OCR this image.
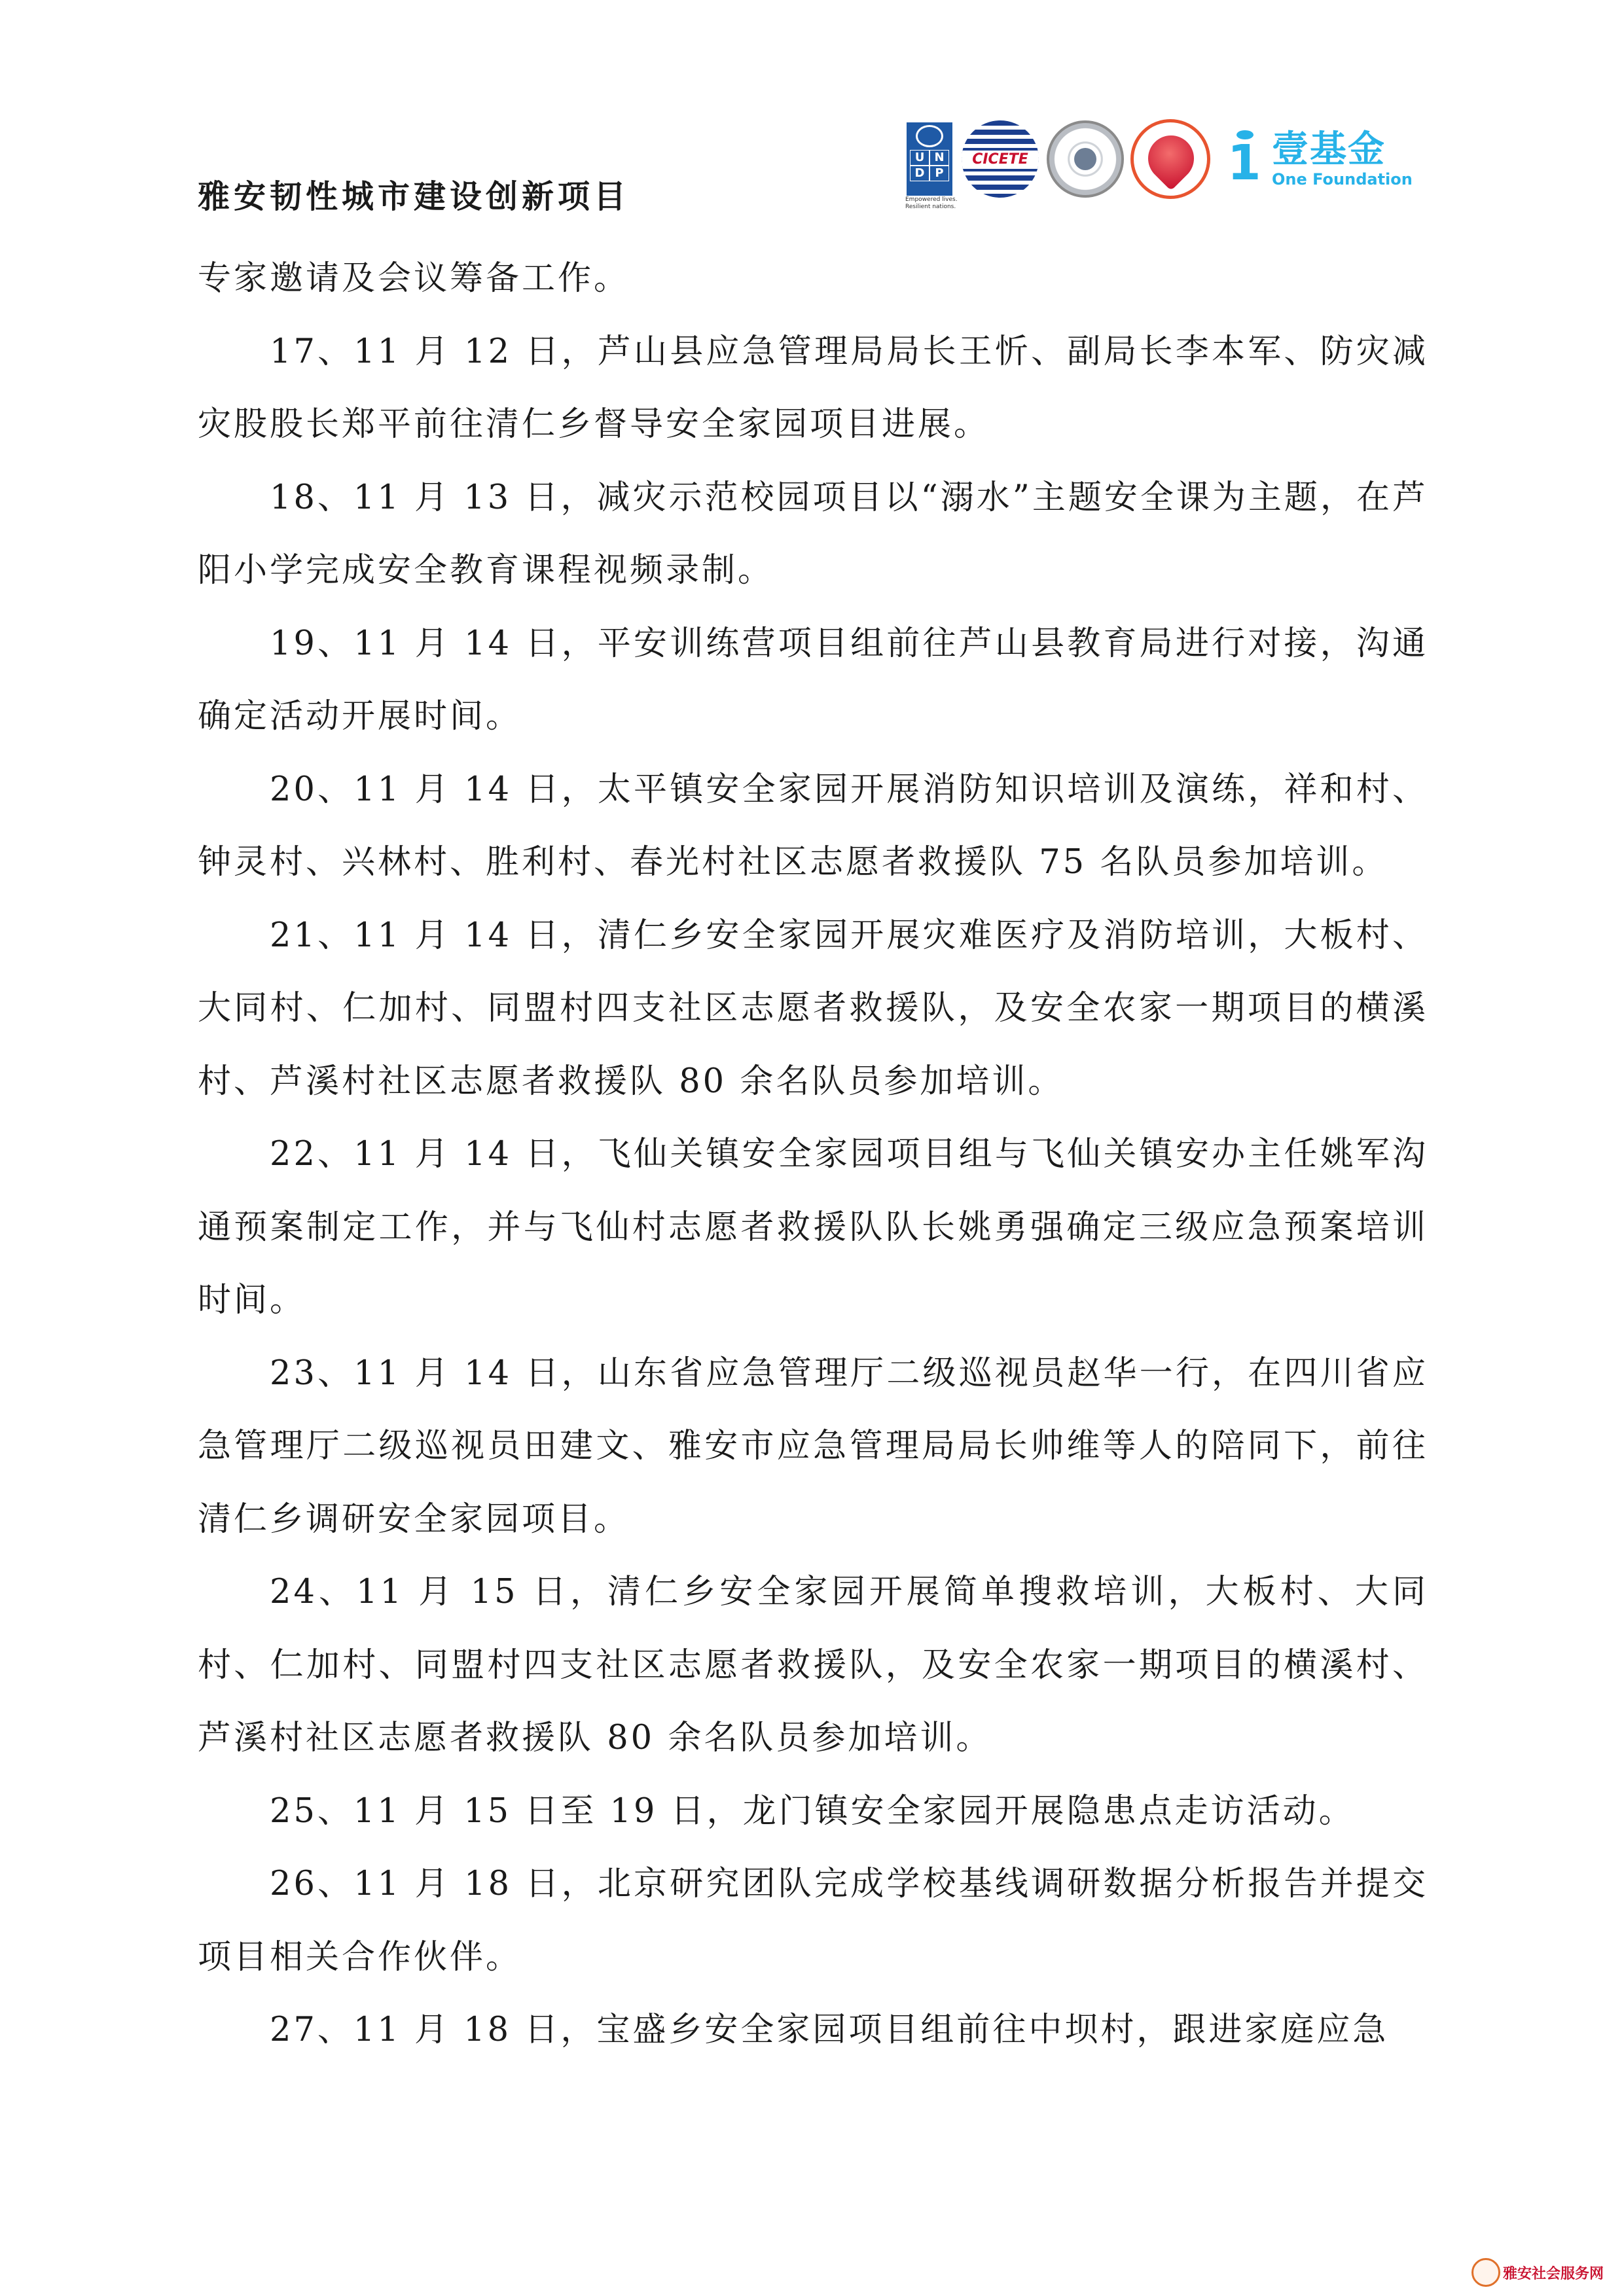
雅安韧性城市建设创新项目
U N
D P
CICETE	1 壹基金
One Foundation
Empowered lives. Resilient nations.

专家邀请及会议筹备工作。

17、11 月 12 日，芦山县应急管理局局长王忻、副局长李本军、防灾减灾股股长郑平前往清仁乡督导安全家园项目进展。

18、11 月 13 日，减灾示范校园项目以“溺水”主题安全课为主题，在芦阳小学完成安全教育课程视频录制。

19、11 月 14 日，平安训练营项目组前往芦山县教育局进行对接，沟通确定活动开展时间。

20、11 月 14 日，太平镇安全家园开展消防知识培训及演练，祥和村、钟灵村、兴林村、胜利村、春光村社区志愿者救援队 75 名队员参加培训。

21、11 月 14 日，清仁乡安全家园开展灾难医疗及消防培训，大板村、大同村、仁加村、同盟村四支社区志愿者救援队，及安全农家一期项目的横溪村、芦溪村社区志愿者救援队 80 余名队员参加培训。

22、11 月 14 日，飞仙关镇安全家园项目组与飞仙关镇安办主任姚军沟通预案制定工作，并与飞仙村志愿者救援队队长姚勇强确定三级应急预案培训时间。

23、11 月 14 日，山东省应急管理厅二级巡视员赵华一行，在四川省应急管理厅二级巡视员田建文、雅安市应急管理局局长帅维等人的陪同下，前往清仁乡调研安全家园项目。

24、11 月 15 日，清仁乡安全家园开展简单搜救培训，大板村、大同村、仁加村、同盟村四支社区志愿者救援队，及安全农家一期项目的横溪村、芦溪村社区志愿者救援队 80 余名队员参加培训。

25、11 月 15 日至 19 日，龙门镇安全家园开展隐患点走访活动。

26、11 月 18 日，北京研究团队完成学校基线调研数据分析报告并提交项目相关合作伙伴。

27、11 月 18 日，宝盛乡安全家园项目组前往中坝村，跟进家庭应急

雅安社会服务网
